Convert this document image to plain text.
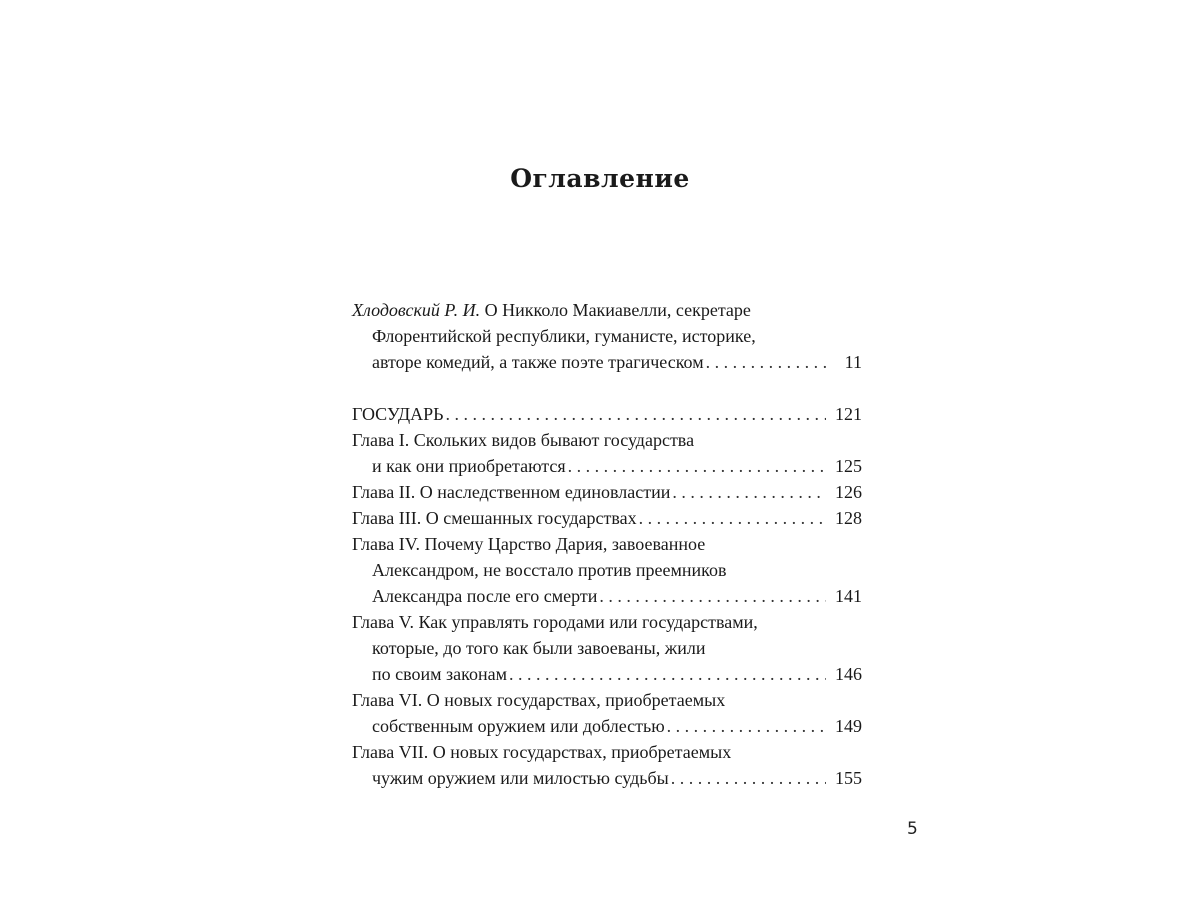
Оглавление
Хлодовский Р. И. О Никколо Макиавелли, секретаре
Флорентийской республики, гуманисте, историке,
авторе комедий, а также поэте трагическом . . .	11
ГОСУДАРЬ . . .	121
Глава I. Скольких видов бывают государства
и как они приобретаются . . .	125
Глава II. О наследственном единовластии . . .	126
Глава III. О смешанных государствах . . .	128
Глава IV. Почему Царство Дария, завоеванное
Александром, не восстало против преемников
Александра после его смерти . . .	141
Глава V. Как управлять городами или государствами,
которые, до того как были завоеваны, жили
по своим законам . . .	146
Глава VI. О новых государствах, приобретаемых
собственным оружием или доблестью . . .	149
Глава VII. О новых государствах, приобретаемых
чужим оружием или милостью судьбы . . .	155
5
